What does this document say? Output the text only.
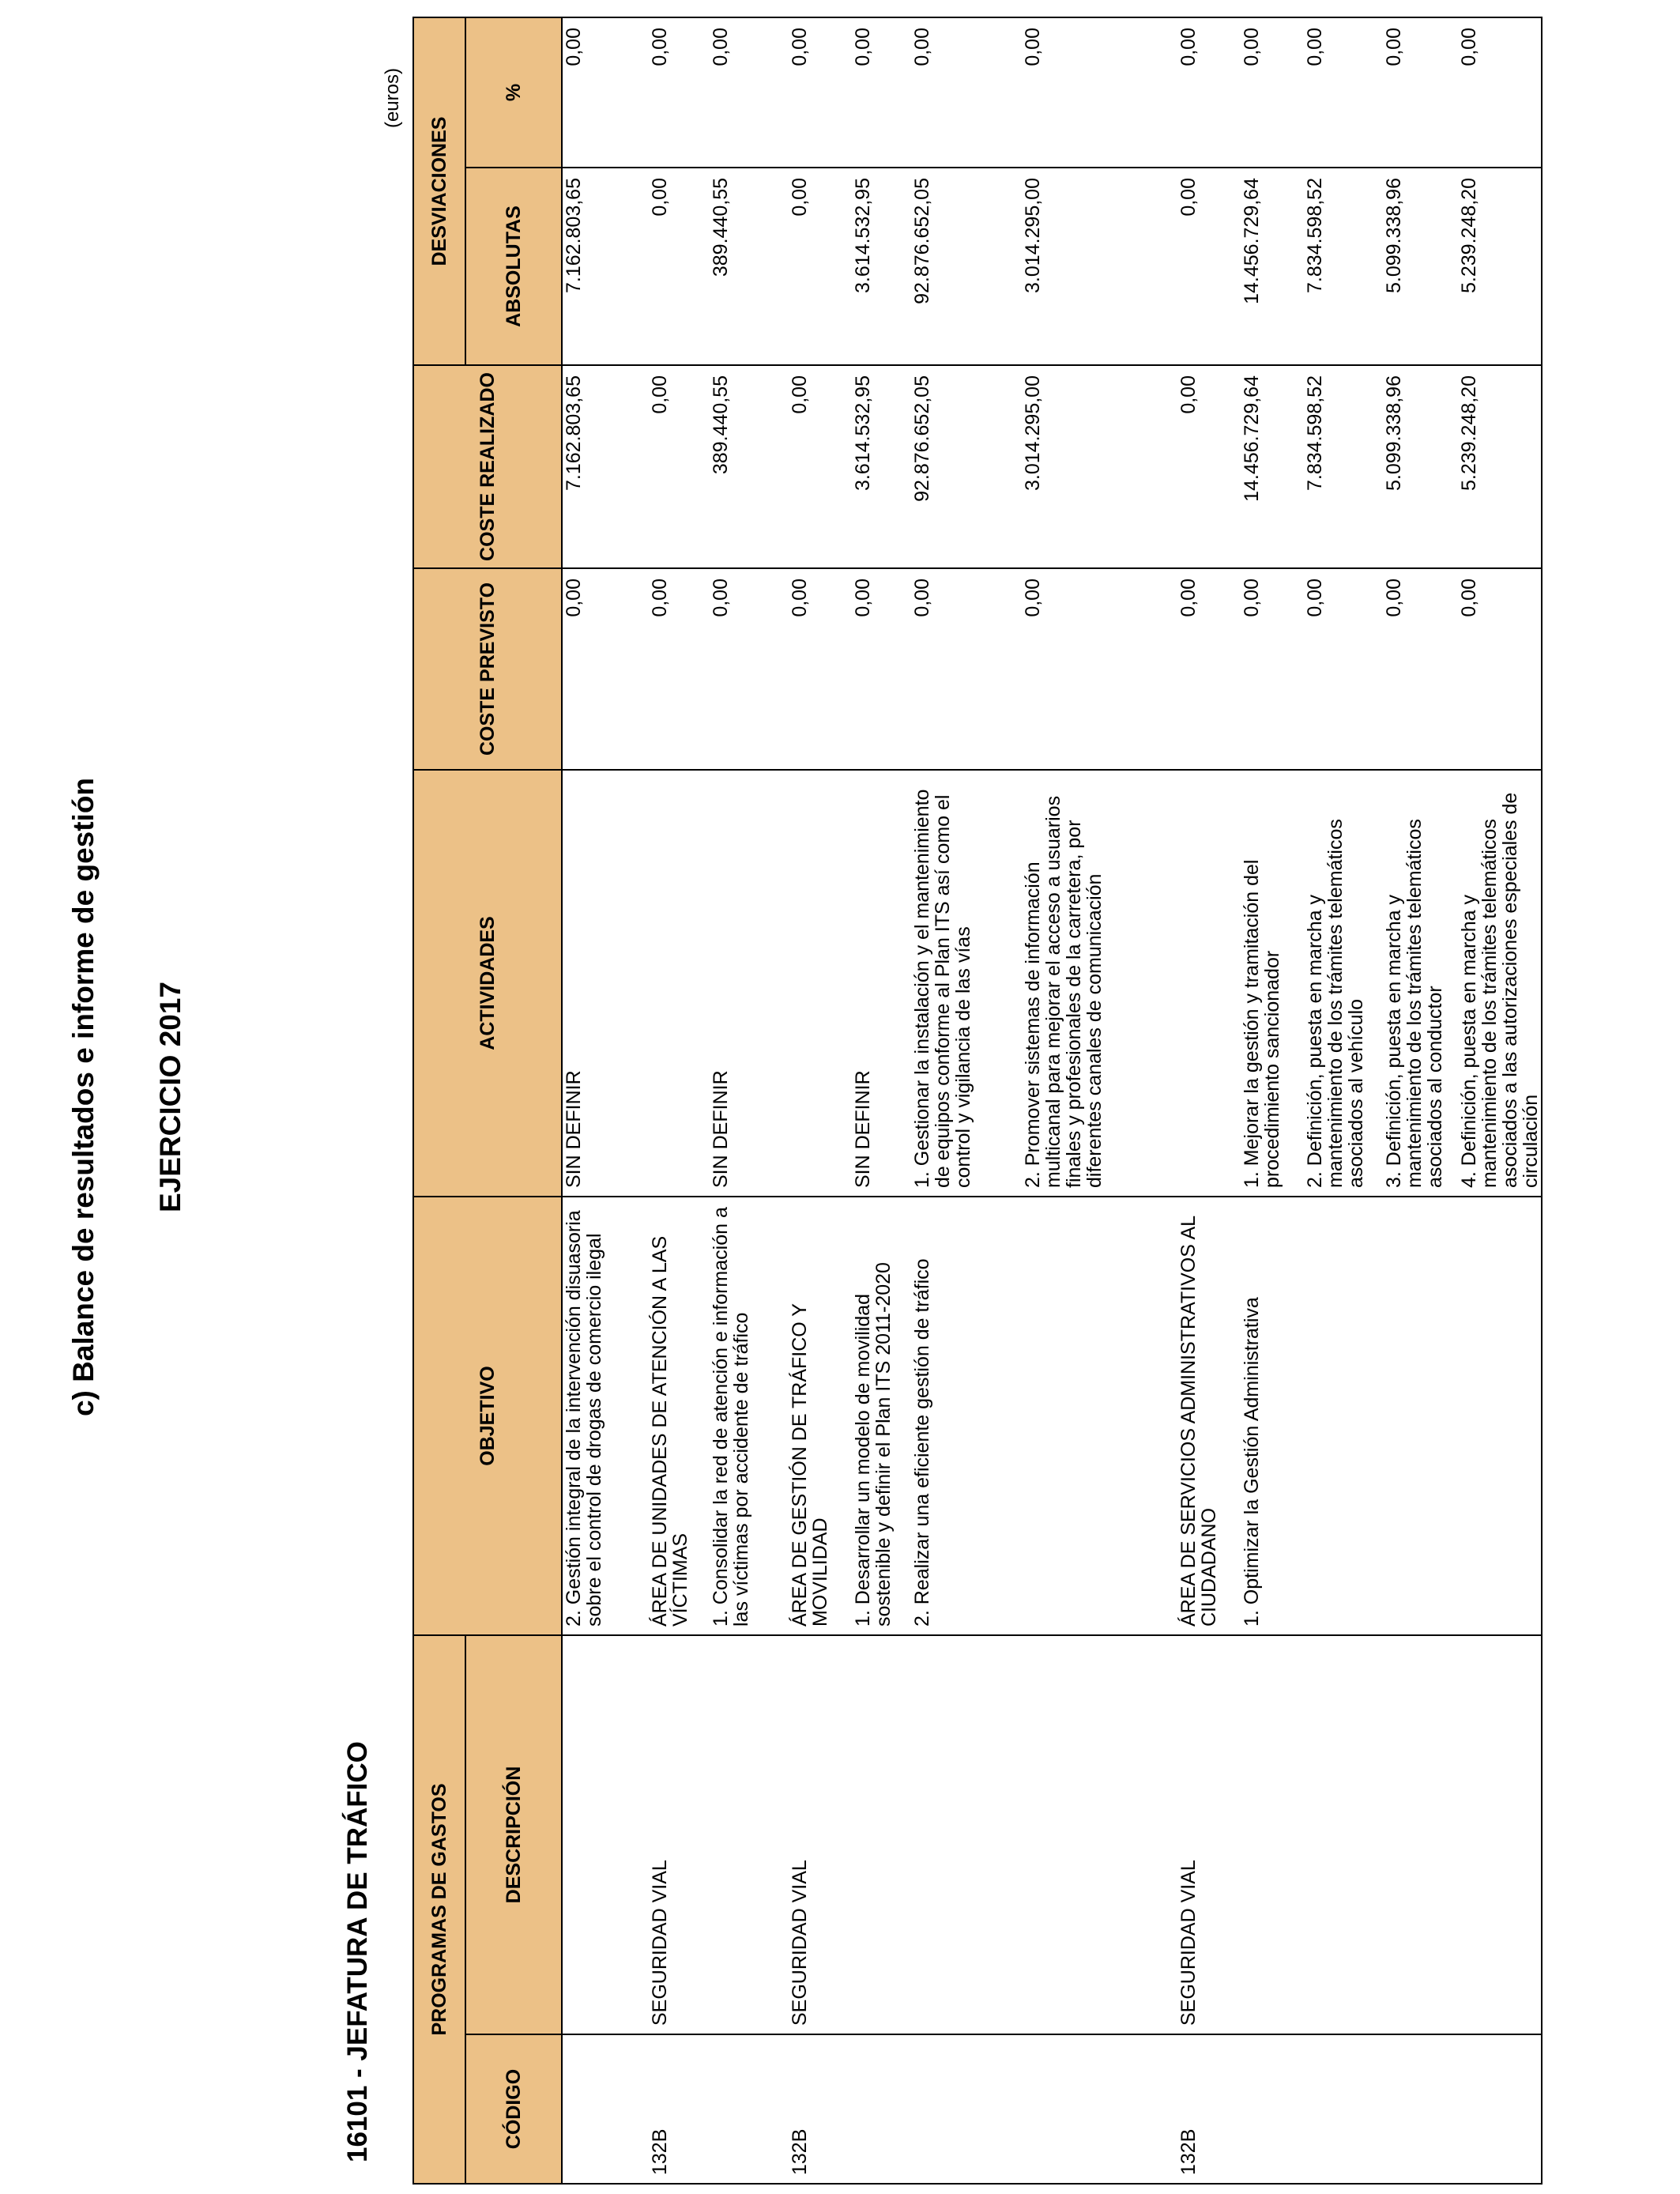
c) Balance de resultados e informe de gestión EJERCICIO 2017
16101 - JEFATURA DE TRÁFICO
(euros)
PROGRAMAS DE GASTOS		OBJETIVO	ACTIVIDADES	COSTE PREVISTO	COSTE REALIZADO	DESVIACIONES	
CÓDIGO	DESCRIPCIÓN					ABSOLUTAS	%
		2. Gestión integral de la intervención disuasoria sobre el control de drogas de comercio ilegal	SIN DEFINIR	0,00	7.162.803,65	7.162.803,65	0,00
132B	SEGURIDAD VIAL	ÁREA DE UNIDADES DE ATENCIÓN A LAS VÍCTIMAS		0,00	0,00	0,00	0,00
		1. Consolidar la red de atención e información a las víctimas por accidente de tráfico	SIN DEFINIR	0,00	389.440,55	389.440,55	0,00
132B	SEGURIDAD VIAL	ÁREA DE GESTIÓN DE TRÁFICO Y MOVILIDAD		0,00	0,00	0,00	0,00
		1. Desarrollar un modelo de movilidad sostenible y definir el Plan ITS 2011-2020	SIN DEFINIR	0,00	3.614.532,95	3.614.532,95	0,00
		2. Realizar una eficiente gestión de tráfico	1. Gestionar la instalación y el mantenimiento de equipos conforme al Plan ITS así como el control y vigilancia de las vías	0,00	92.876.652,05	92.876.652,05	0,00
			2. Promover sistemas de información multicanal para mejorar el acceso a usuarios finales y profesionales de la carretera, por diferentes canales de comunicación	0,00	3.014.295,00	3.014.295,00	0,00
132B	SEGURIDAD VIAL	ÁREA DE SERVICIOS ADMINISTRATIVOS AL CIUDADANO		0,00	0,00	0,00	0,00
		1. Optimizar la Gestión Administrativa	1. Mejorar la gestión y tramitación del procedimiento sancionador	0,00	14.456.729,64	14.456.729,64	0,00
			2. Definición, puesta en marcha y mantenimiento de los trámites telemáticos asociados al vehículo	0,00	7.834.598,52	7.834.598,52	0,00
			3. Definición, puesta en marcha y mantenimiento de los trámites telemáticos asociados al conductor	0,00	5.099.338,96	5.099.338,96	0,00
			4. Definición, puesta en marcha y mantenimiento de los trámites telemáticos asociados a las autorizaciones especiales de circulación	0,00	5.239.248,20	5.239.248,20	0,00
